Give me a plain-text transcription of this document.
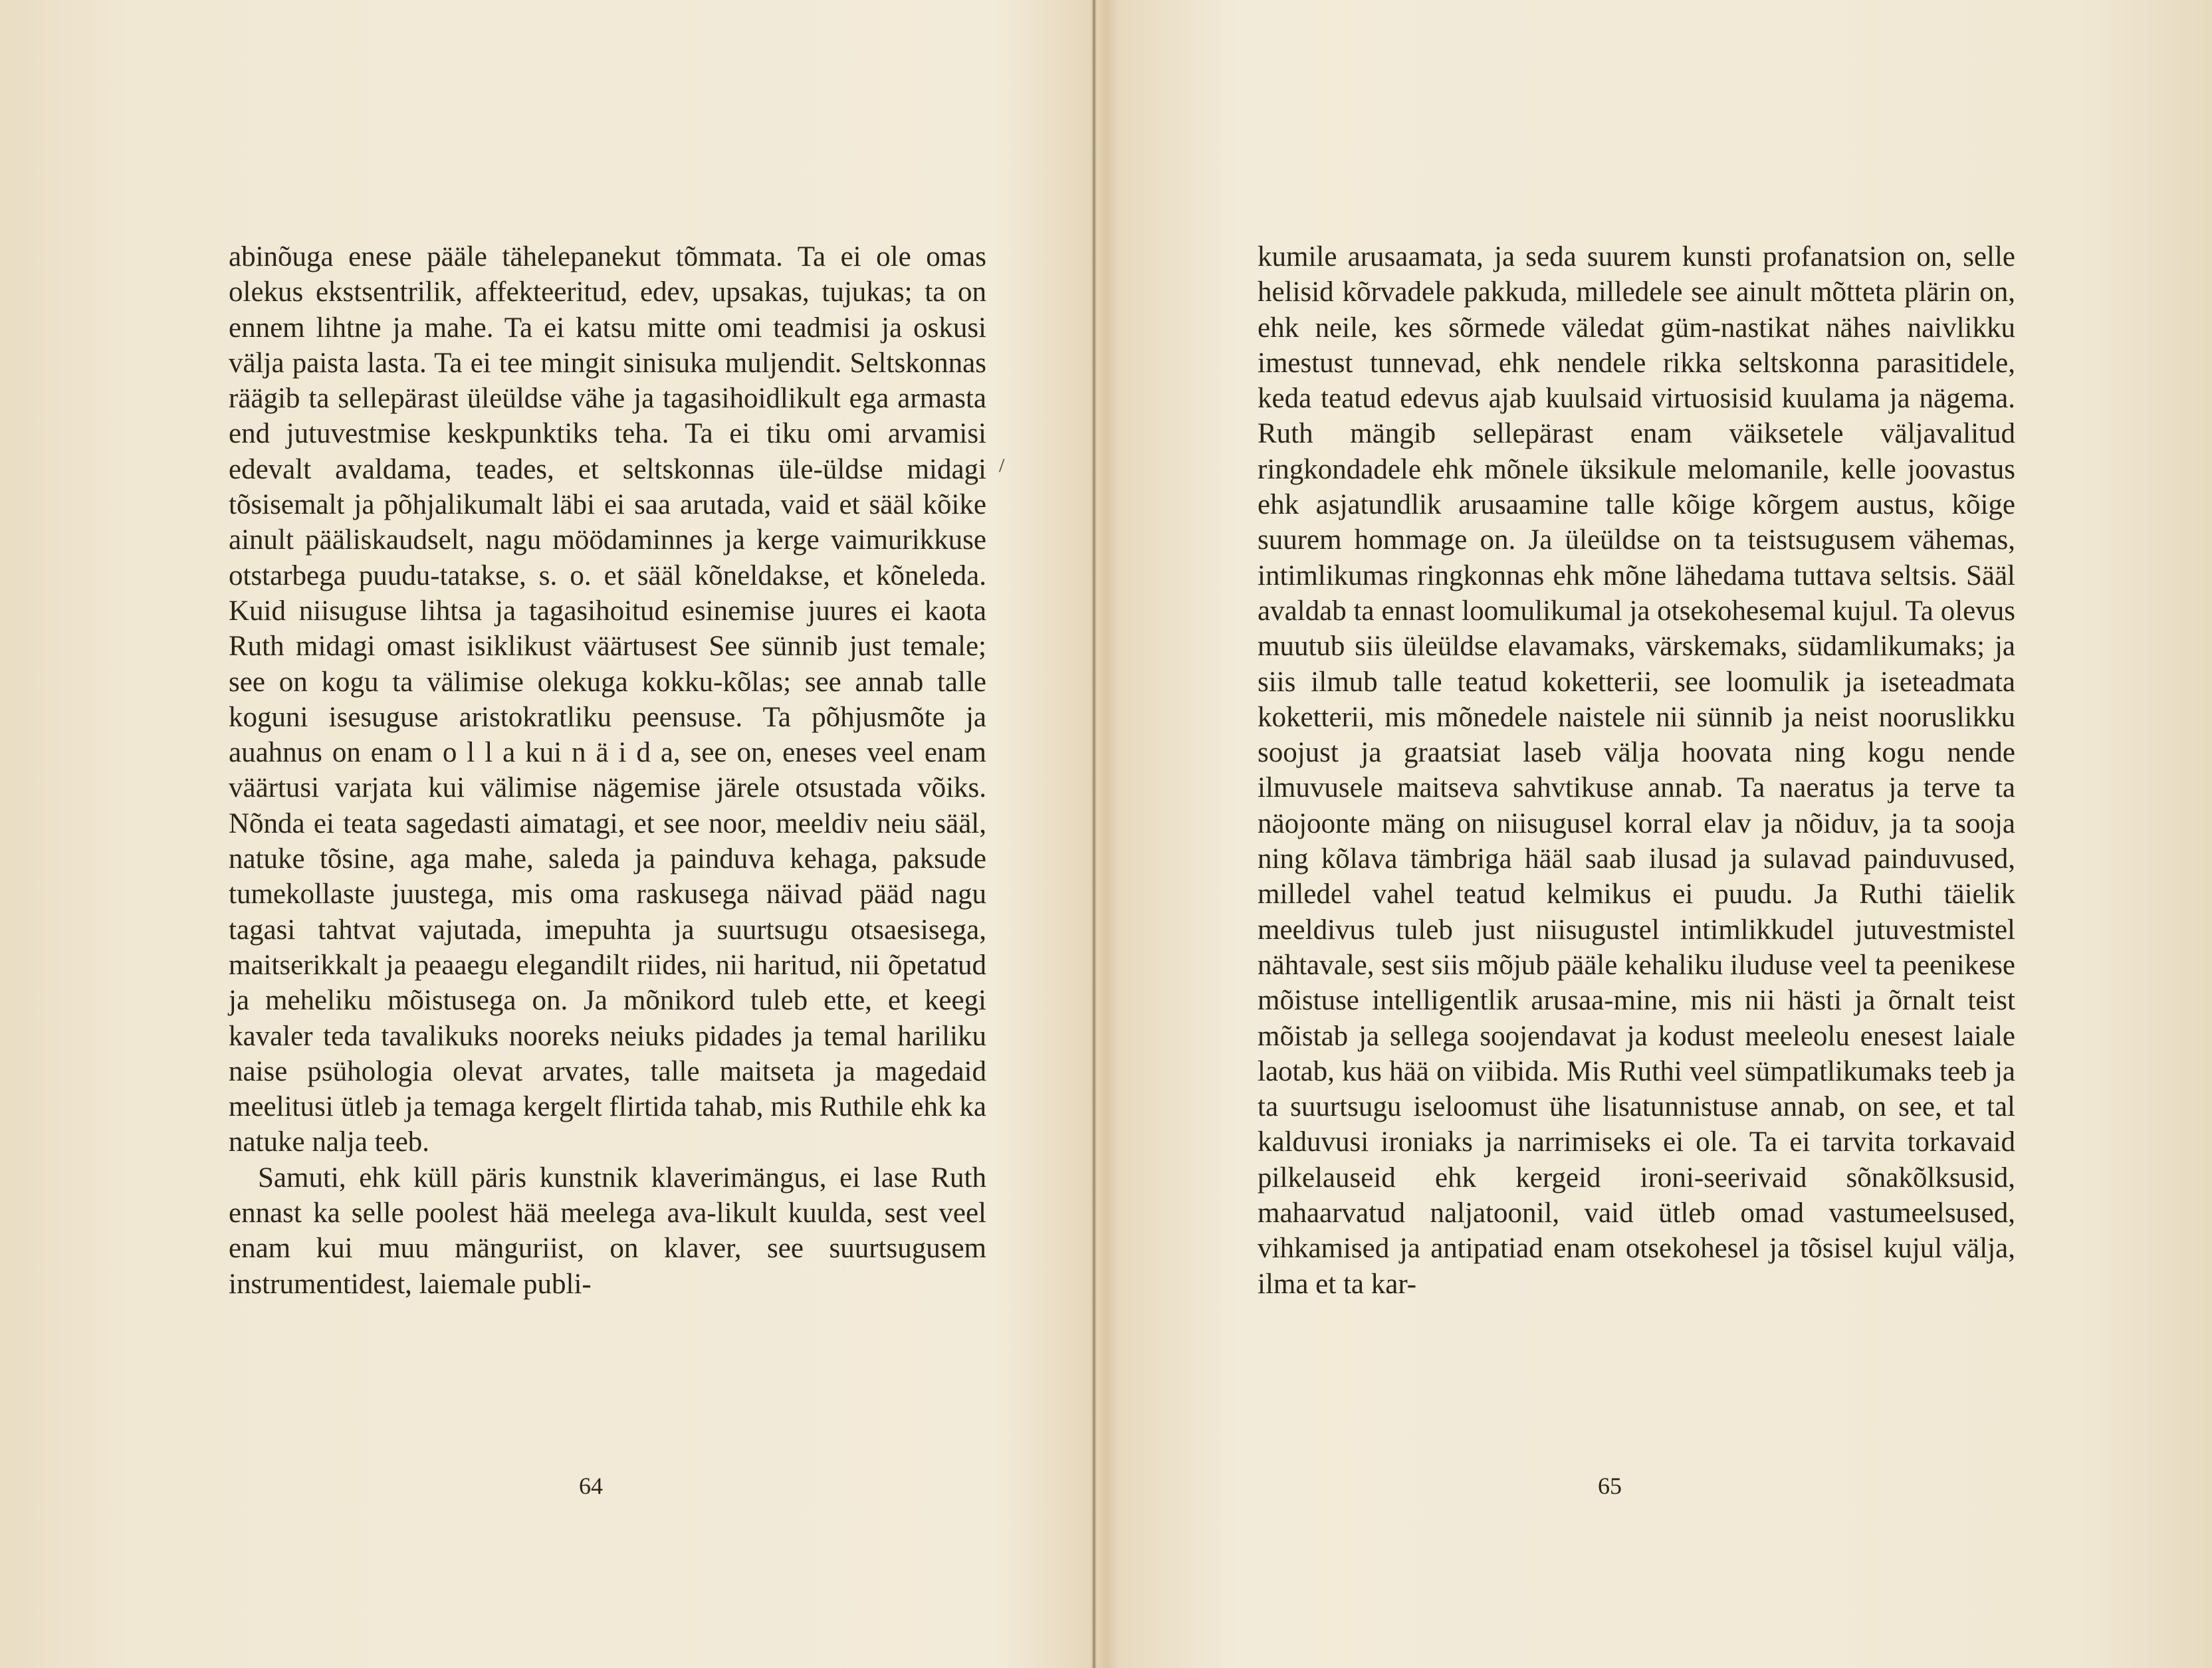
abinõuga enese pääle tähelepanekut tõmmata. Ta ei ole omas olekus ekstsentrilik, affekteeritud, edev, upsakas, tujukas; ta on ennem lihtne ja mahe. Ta ei katsu mitte omi teadmisi ja oskusi välja paista lasta. Ta ei tee mingit sinisuka muljendit. Seltskonnas räägib ta sellepärast üleüldse vähe ja tagasihoidlikult ega armasta end jutuvestmise keskpunktiks teha. Ta ei tiku omi arvamisi edevalt avaldama, teades, et seltskonnas üle-üldse midagi tõsisemalt ja põhjalikumalt läbi ei saa arutada, vaid et sääl kõike ainult pääliskaudselt, nagu möödaminnes ja kerge vaimurikkuse otstarbega puudu-tatakse, s. o. et sääl kõneldakse, et kõneleda. Kuid niisuguse lihtsa ja tagasihoitud esinemise juures ei kaota Ruth midagi omast isiklikust väärtusest See sünnib just temale; see on kogu ta välimise olekuga kokku-kõlas; see annab talle koguni isesuguse aristokratliku peensuse. Ta põhjusmõte ja auahnus on enam o l l a kui n ä i d a, see on, eneses veel enam väärtusi varjata kui välimise nägemise järele otsustada võiks. Nõnda ei teata sagedasti aimatagi, et see noor, meeldiv neiu sääl, natuke tõsine, aga mahe, saleda ja painduva kehaga, paksude tumekollaste juustega, mis oma raskusega näivad pääd nagu tagasi tahtvat vajutada, imepuhta ja suurtsugu otsaesisega, maitserikkalt ja peaaegu elegandilt riides, nii haritud, nii õpetatud ja meheliku mõistusega on. Ja mõnikord tuleb ette, et keegi kavaler teda tavalikuks nooreks neiuks pidades ja temal hariliku naise psühologia olevat arvates, talle maitseta ja magedaid meelitusi ütleb ja temaga kergelt flirtida tahab, mis Ruthile ehk ka natuke nalja teeb.

Samuti, ehk küll päris kunstnik klaverimängus, ei lase Ruth ennast ka selle poolest hää meelega ava-likult kuulda, sest veel enam kui muu mänguriist, on klaver, see suurtsugusem instrumentidest, laiemale publi-

/
64

kumile arusaamata, ja seda suurem kunsti profanatsion on, selle helisid kõrvadele pakkuda, milledele see ainult mõtteta plärin on, ehk neile, kes sõrmede väledat güm-nastikat nähes naivlikku imestust tunnevad, ehk nendele rikka seltskonna parasitidele, keda teatud edevus ajab kuulsaid virtuosisid kuulama ja nägema. Ruth mängib sellepärast enam väiksetele väljavalitud ringkondadele ehk mõnele üksikule melomanile, kelle joovastus ehk asjatundlik arusaamine talle kõige kõrgem austus, kõige suurem hommage on. Ja üleüldse on ta teistsugusem vähemas, intimlikumas ringkonnas ehk mõne lähedama tuttava seltsis. Sääl avaldab ta ennast loomulikumal ja otsekohesemal kujul. Ta olevus muutub siis üleüldse elavamaks, värskemaks, südamlikumaks; ja siis ilmub talle teatud koketterii, see loomulik ja iseteadmata koketterii, mis mõnedele naistele nii sünnib ja neist nooruslikku soojust ja graatsiat laseb välja hoovata ning kogu nende ilmuvusele maitseva sahvtikuse annab. Ta naeratus ja terve ta näojoonte mäng on niisugusel korral elav ja nõiduv, ja ta sooja ning kõlava tämbriga hääl saab ilusad ja sulavad painduvused, milledel vahel teatud kelmikus ei puudu. Ja Ruthi täielik meeldivus tuleb just niisugustel intimlikkudel jutuvestmistel nähtavale, sest siis mõjub pääle kehaliku iluduse veel ta peenikese mõistuse intelligentlik arusaa-mine, mis nii hästi ja õrnalt teist mõistab ja sellega soojendavat ja kodust meeleolu enesest laiale laotab, kus hää on viibida. Mis Ruthi veel sümpatlikumaks teeb ja ta suurtsugu iseloomust ühe lisatunnistuse annab, on see, et tal kalduvusi ironiaks ja narrimiseks ei ole. Ta ei tarvita torkavaid pilkelauseid ehk kergeid ironi-seerivaid sõnakõlksusid, mahaarvatud naljatoonil, vaid ütleb omad vastumeelsused, vihkamised ja antipatiad enam otsekohesel ja tõsisel kujul välja, ilma et ta kar-

65
